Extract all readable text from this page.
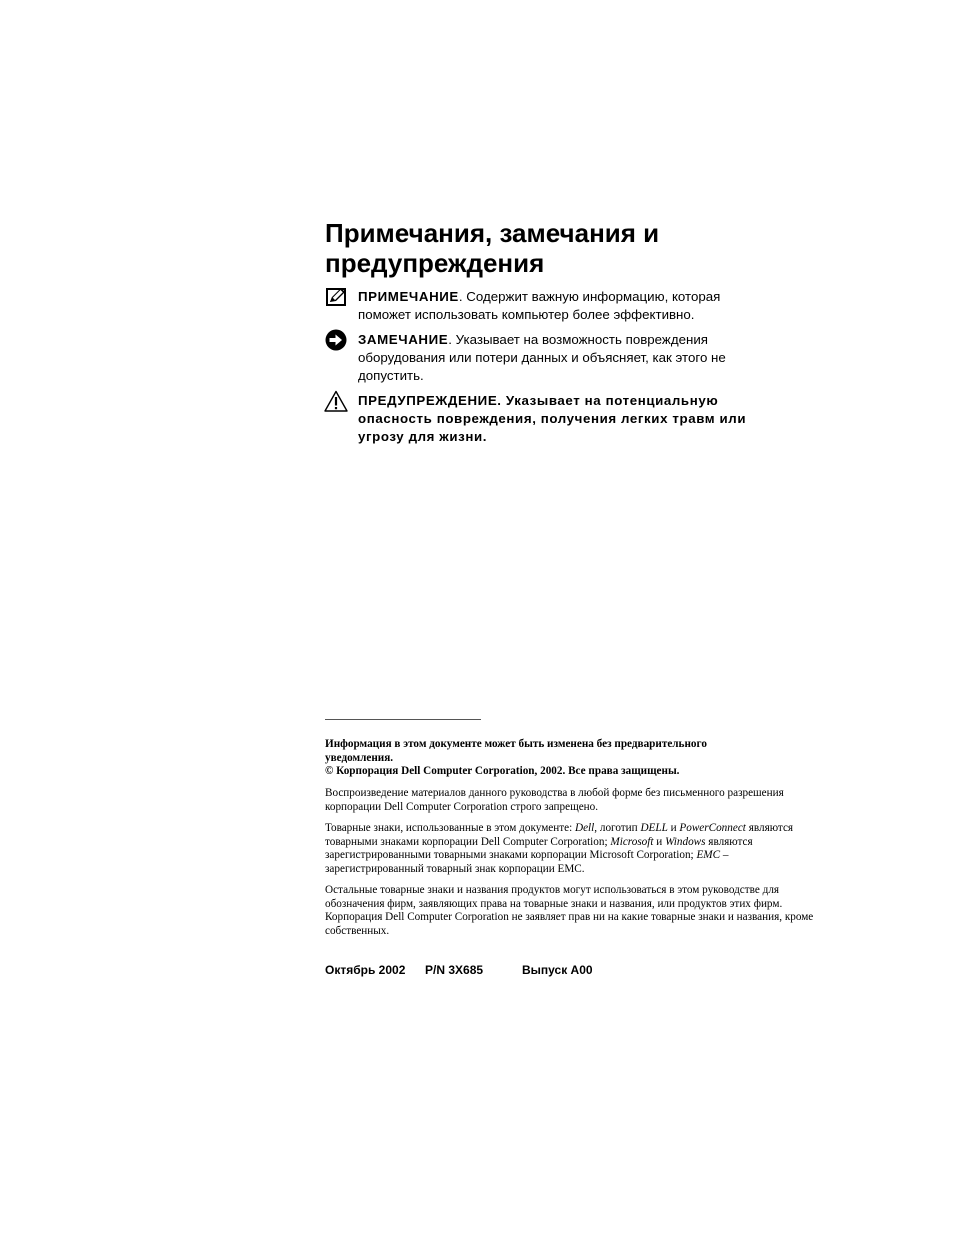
Примечания, замечания и
предупреждения
ПРИМЕЧАНИЕ. Содержит важную информацию, которая поможет использовать компьютер более эффективно.
ЗАМЕЧАНИЕ. Указывает на возможность повреждения оборудования или потери данных и объясняет, как этого не допустить.
ПРЕДУПРЕЖДЕНИЕ. Указывает на потенциальную опасность повреждения, получения легких травм или угрозу для жизни.

Информация в этом документе может быть изменена без предварительного

уведомления.

© Корпорация Dell Computer Corporation, 2002. Все права защищены.

Воспроизведение материалов данного руководства в любой форме без письменного разрешения корпорации Dell Computer Corporation строго запрещено.

Товарные знаки, использованные в этом документе: Dell, логотип DELL и PowerConnect являются товарными знаками корпорации Dell Computer Corporation; Microsoft и Windows являются зарегистрированными товарными знаками корпорации Microsoft Corporation; EMC – зарегистрированный товарный знак корпорации EMC.

Остальные товарные знаки и названия продуктов могут использоваться в этом руководстве для обозначения фирм, заявляющих права на товарные знаки и названия, или продуктов этих фирм. Корпорация Dell Computer Corporation не заявляет прав ни на какие товарные знаки и названия, кроме собственных.

Октябрь 2002 P/N 3X685	Выпуск A00
